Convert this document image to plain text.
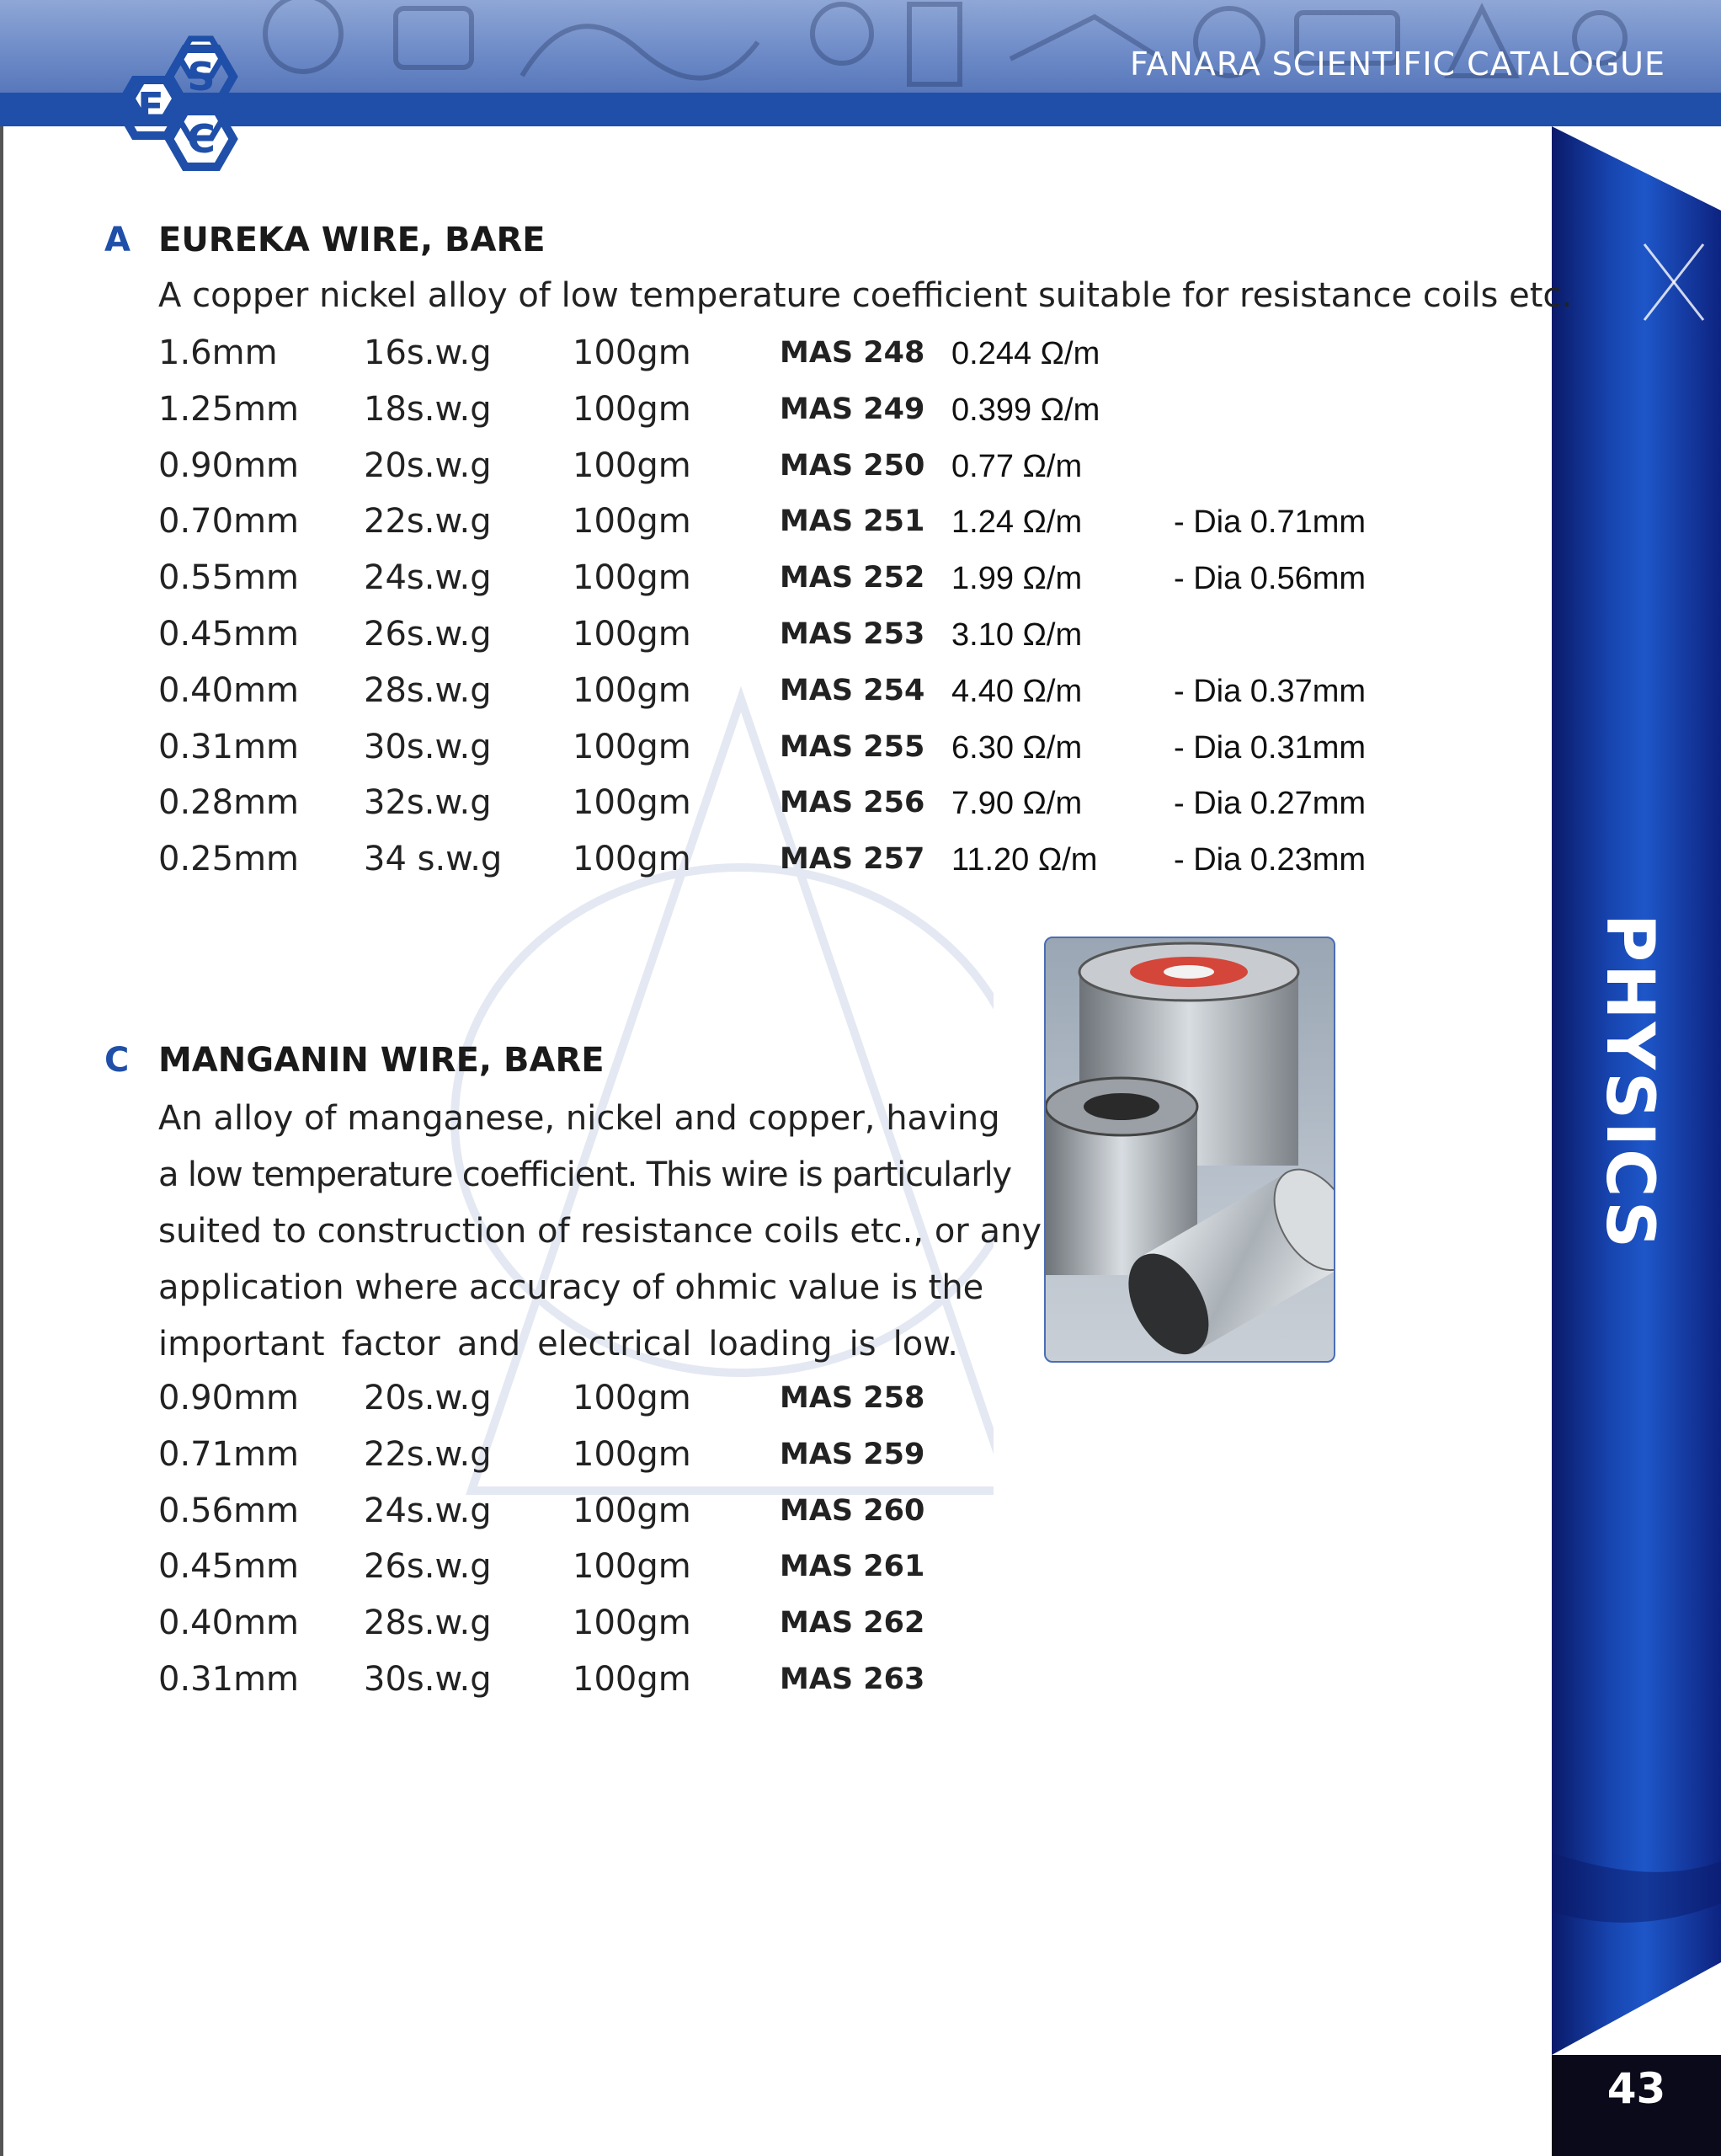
FANARA SCIENTIFIC CATALOGUE
F
S
C
PHYSICS
43
A EUREKA WIRE, BARE
A copper nickel alloy of low temperature coefficient suitable for resistance coils etc.
1.6mm	16s.w.g 100gm	MAS 248 0.244 Ω/m
1.25mm 18s.w.g 100gm	MAS 249 0.399 Ω/m
0.90mm 20s.w.g 100gm	MAS 250 0.77 Ω/m
0.70mm 22s.w.g 100gm	MAS 251 1.24 Ω/m	- Dia 0.71mm
0.55mm 24s.w.g 100gm	MAS 252 1.99 Ω/m	- Dia 0.56mm
0.45mm 26s.w.g 100gm	MAS 253 3.10 Ω/m
0.40mm 28s.w.g 100gm	MAS 254 4.40 Ω/m	- Dia 0.37mm
0.31mm 30s.w.g 100gm	MAS 255 6.30 Ω/m	- Dia 0.31mm
0.28mm 32s.w.g 100gm	MAS 256 7.90 Ω/m	- Dia 0.27mm
0.25mm 34 s.w.g 100gm	MAS 257 11.20 Ω/m - Dia 0.23mm
C MANGANIN WIRE, BARE
An alloy of manganese, nickel and copper, having
a low temperature coefficient. This wire is particularly
suited to construction of resistance coils etc., or any
application where accuracy of ohmic value is the
important factor and electrical loading is low.
0.90mm 20s.w.g 100gm	MAS 258
0.71mm 22s.w.g 100gm	MAS 259
0.56mm 24s.w.g 100gm	MAS 260
0.45mm 26s.w.g 100gm	MAS 261
0.40mm 28s.w.g 100gm	MAS 262
0.31mm 30s.w.g 100gm	MAS 263
